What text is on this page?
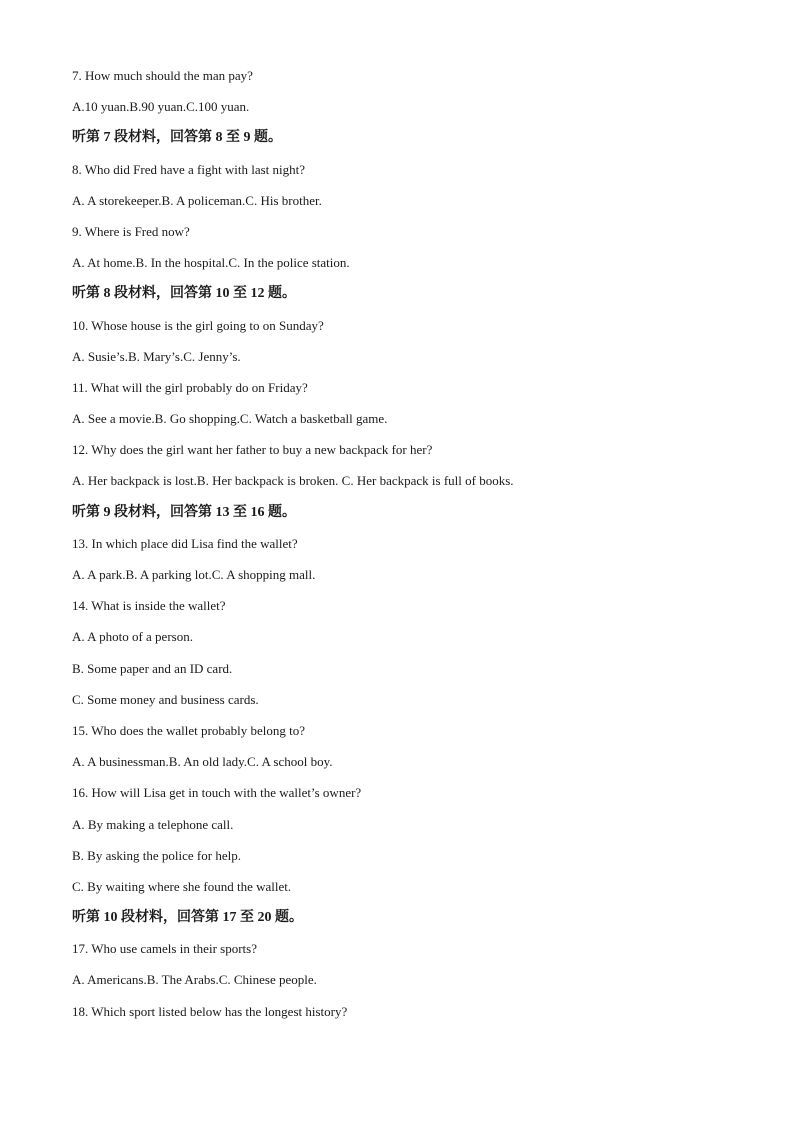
7. How much should the man pay?
A.10 yuan.B.90 yuan.C.100 yuan.
听第 7 段材料，回答第 8 至 9 题。
8. Who did Fred have a fight with last night?
A. A storekeeper.B. A policeman.C. His brother.
9. Where is Fred now?
A. At home.B. In the hospital.C. In the police station.
听第 8 段材料，回答第 10 至 12 题。
10. Whose house is the girl going to on Sunday?
A. Susie’s.B. Mary’s.C. Jenny’s.
11. What will the girl probably do on Friday?
A. See a movie.B. Go shopping.C. Watch a basketball game.
12. Why does the girl want her father to buy a new backpack for her?
A. Her backpack is lost.B. Her backpack is broken. C. Her backpack is full of books.
听第 9 段材料，回答第 13 至 16 题。
13. In which place did Lisa find the wallet?
A. A park.B. A parking lot.C. A shopping mall.
14. What is inside the wallet?
A. A photo of a person.
B. Some paper and an ID card.
C. Some money and business cards.
15. Who does the wallet probably belong to?
A. A businessman.B. An old lady.C. A school boy.
16. How will Lisa get in touch with the wallet’s owner?
A. By making a telephone call.
B. By asking the police for help.
C. By waiting where she found the wallet.
听第 10 段材料，回答第 17 至 20 题。
17. Who use camels in their sports?
A. Americans.B. The Arabs.C. Chinese people.
18. Which sport listed below has the longest history?
